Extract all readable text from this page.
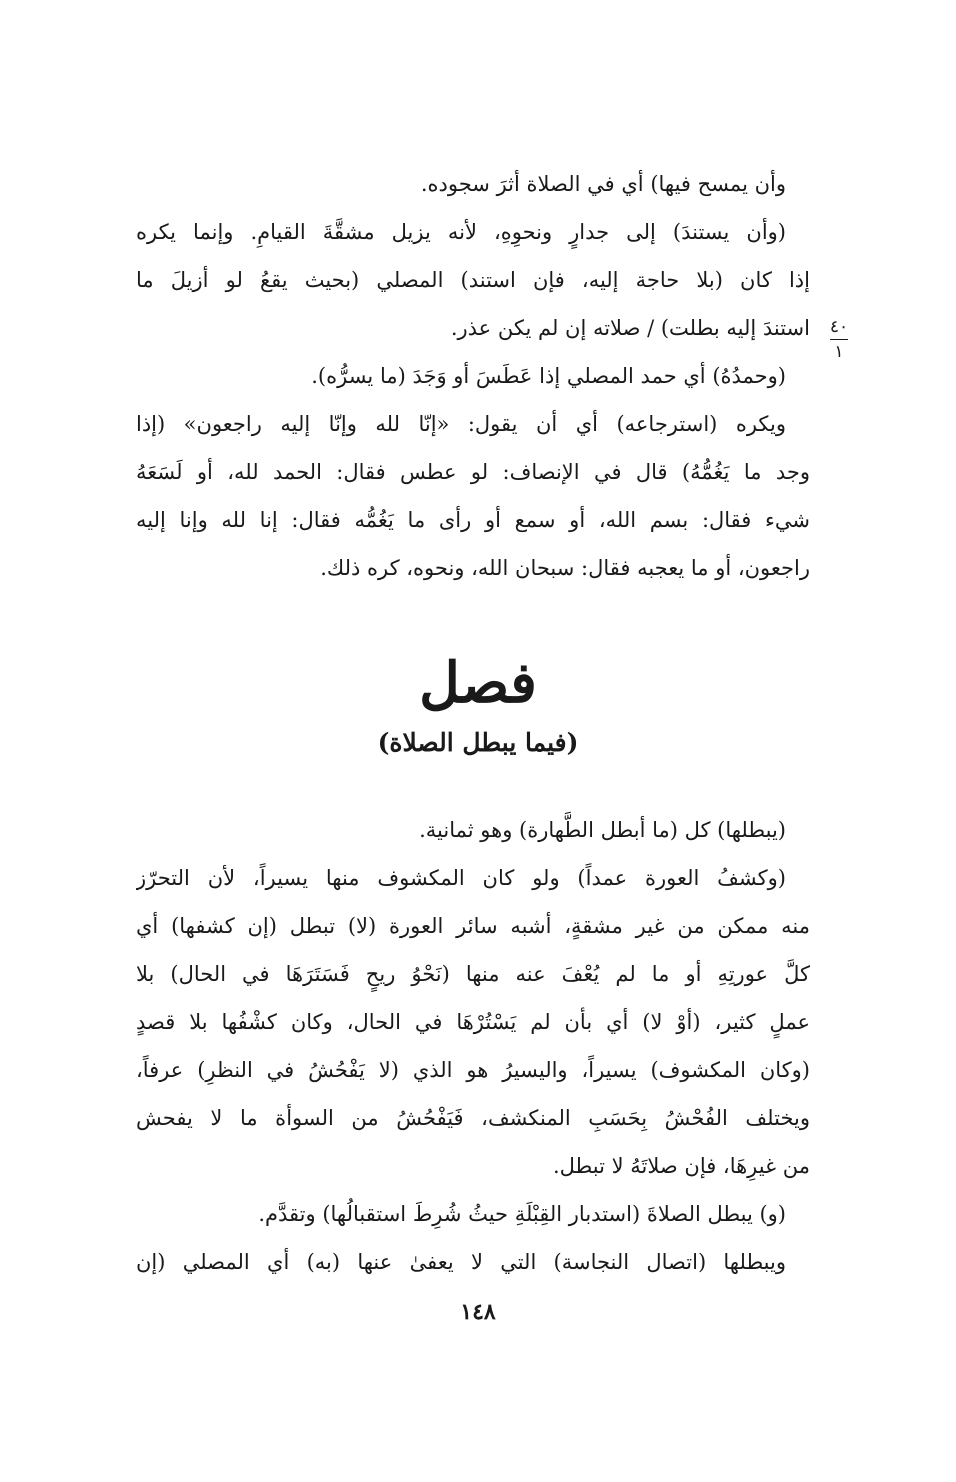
وأن يمسح فيها) أي في الصلاة أثرَ سجوده.
(وأن يستندَ) إلى جدارٍ ونحوِهِ، لأنه يزيل مشقَّةَ القيامِ. وإنما يكره
إذا كان (بلا حاجة إليه، فإن استند) المصلي (بحيث يقعُ لو أزيلَ ما
استندَ إليه بطلت) / صلاته إن لم يكن عذر.
(وحمدُهُ) أي حمد المصلي إذا عَطَسَ أو وَجَدَ (ما يسرُّه).
ويكره (استرجاعه) أي أن يقول: «إنّا لله وإنّا إليه راجعون» (إذا
وجد ما يَغُمُّهُ) قال في الإنصاف: لو عطس فقال: الحمد لله، أو لَسَعَهُ
شيء فقال: بسم الله، أو سمع أو رأى ما يَغُمُّه فقال: إنا لله وإنا إليه
راجعون، أو ما يعجبه فقال: سبحان الله، ونحوه، كره ذلك.
٤٠
١
فصل
(فيما يبطل الصلاة)
(يبطلها) كل (ما أبطل الطَّهارة) وهو ثمانية.
(وكشفُ العورة عمداً) ولو كان المكشوف منها يسيراً، لأن التحرّز
منه ممكن من غير مشقةٍ، أشبه سائر العورة (لا) تبطل (إن كشفها) أي
كلَّ عورتِهِ أو ما لم يُعْفَ عنه منها (نَحْوُ ريحٍ فَسَتَرَهَا في الحال) بلا
عملٍ كثير، (أوْ لا) أي بأن لم يَسْتُرْهَا في الحال، وكان كشْفُها بلا قصدٍ
(وكان المكشوف) يسيراً، واليسيرُ هو الذي (لا يَفْحُشُ في النظرِ) عرفاً،
ويختلف الفُحْشُ بِحَسَبِ المنكشف، فَيَفْحُشُ من السوأة ما لا يفحش
من غيرِهَا، فإن صلاتَهُ لا تبطل.
(و) يبطل الصلاةَ (استدبار القِبْلَةِ حيثُ شُرِطَ استقبالُها) وتقدَّم.
ويبطلها (اتصال النجاسة) التي لا يعفىٰ عنها (به) أي المصلي (إن
١٤٨
